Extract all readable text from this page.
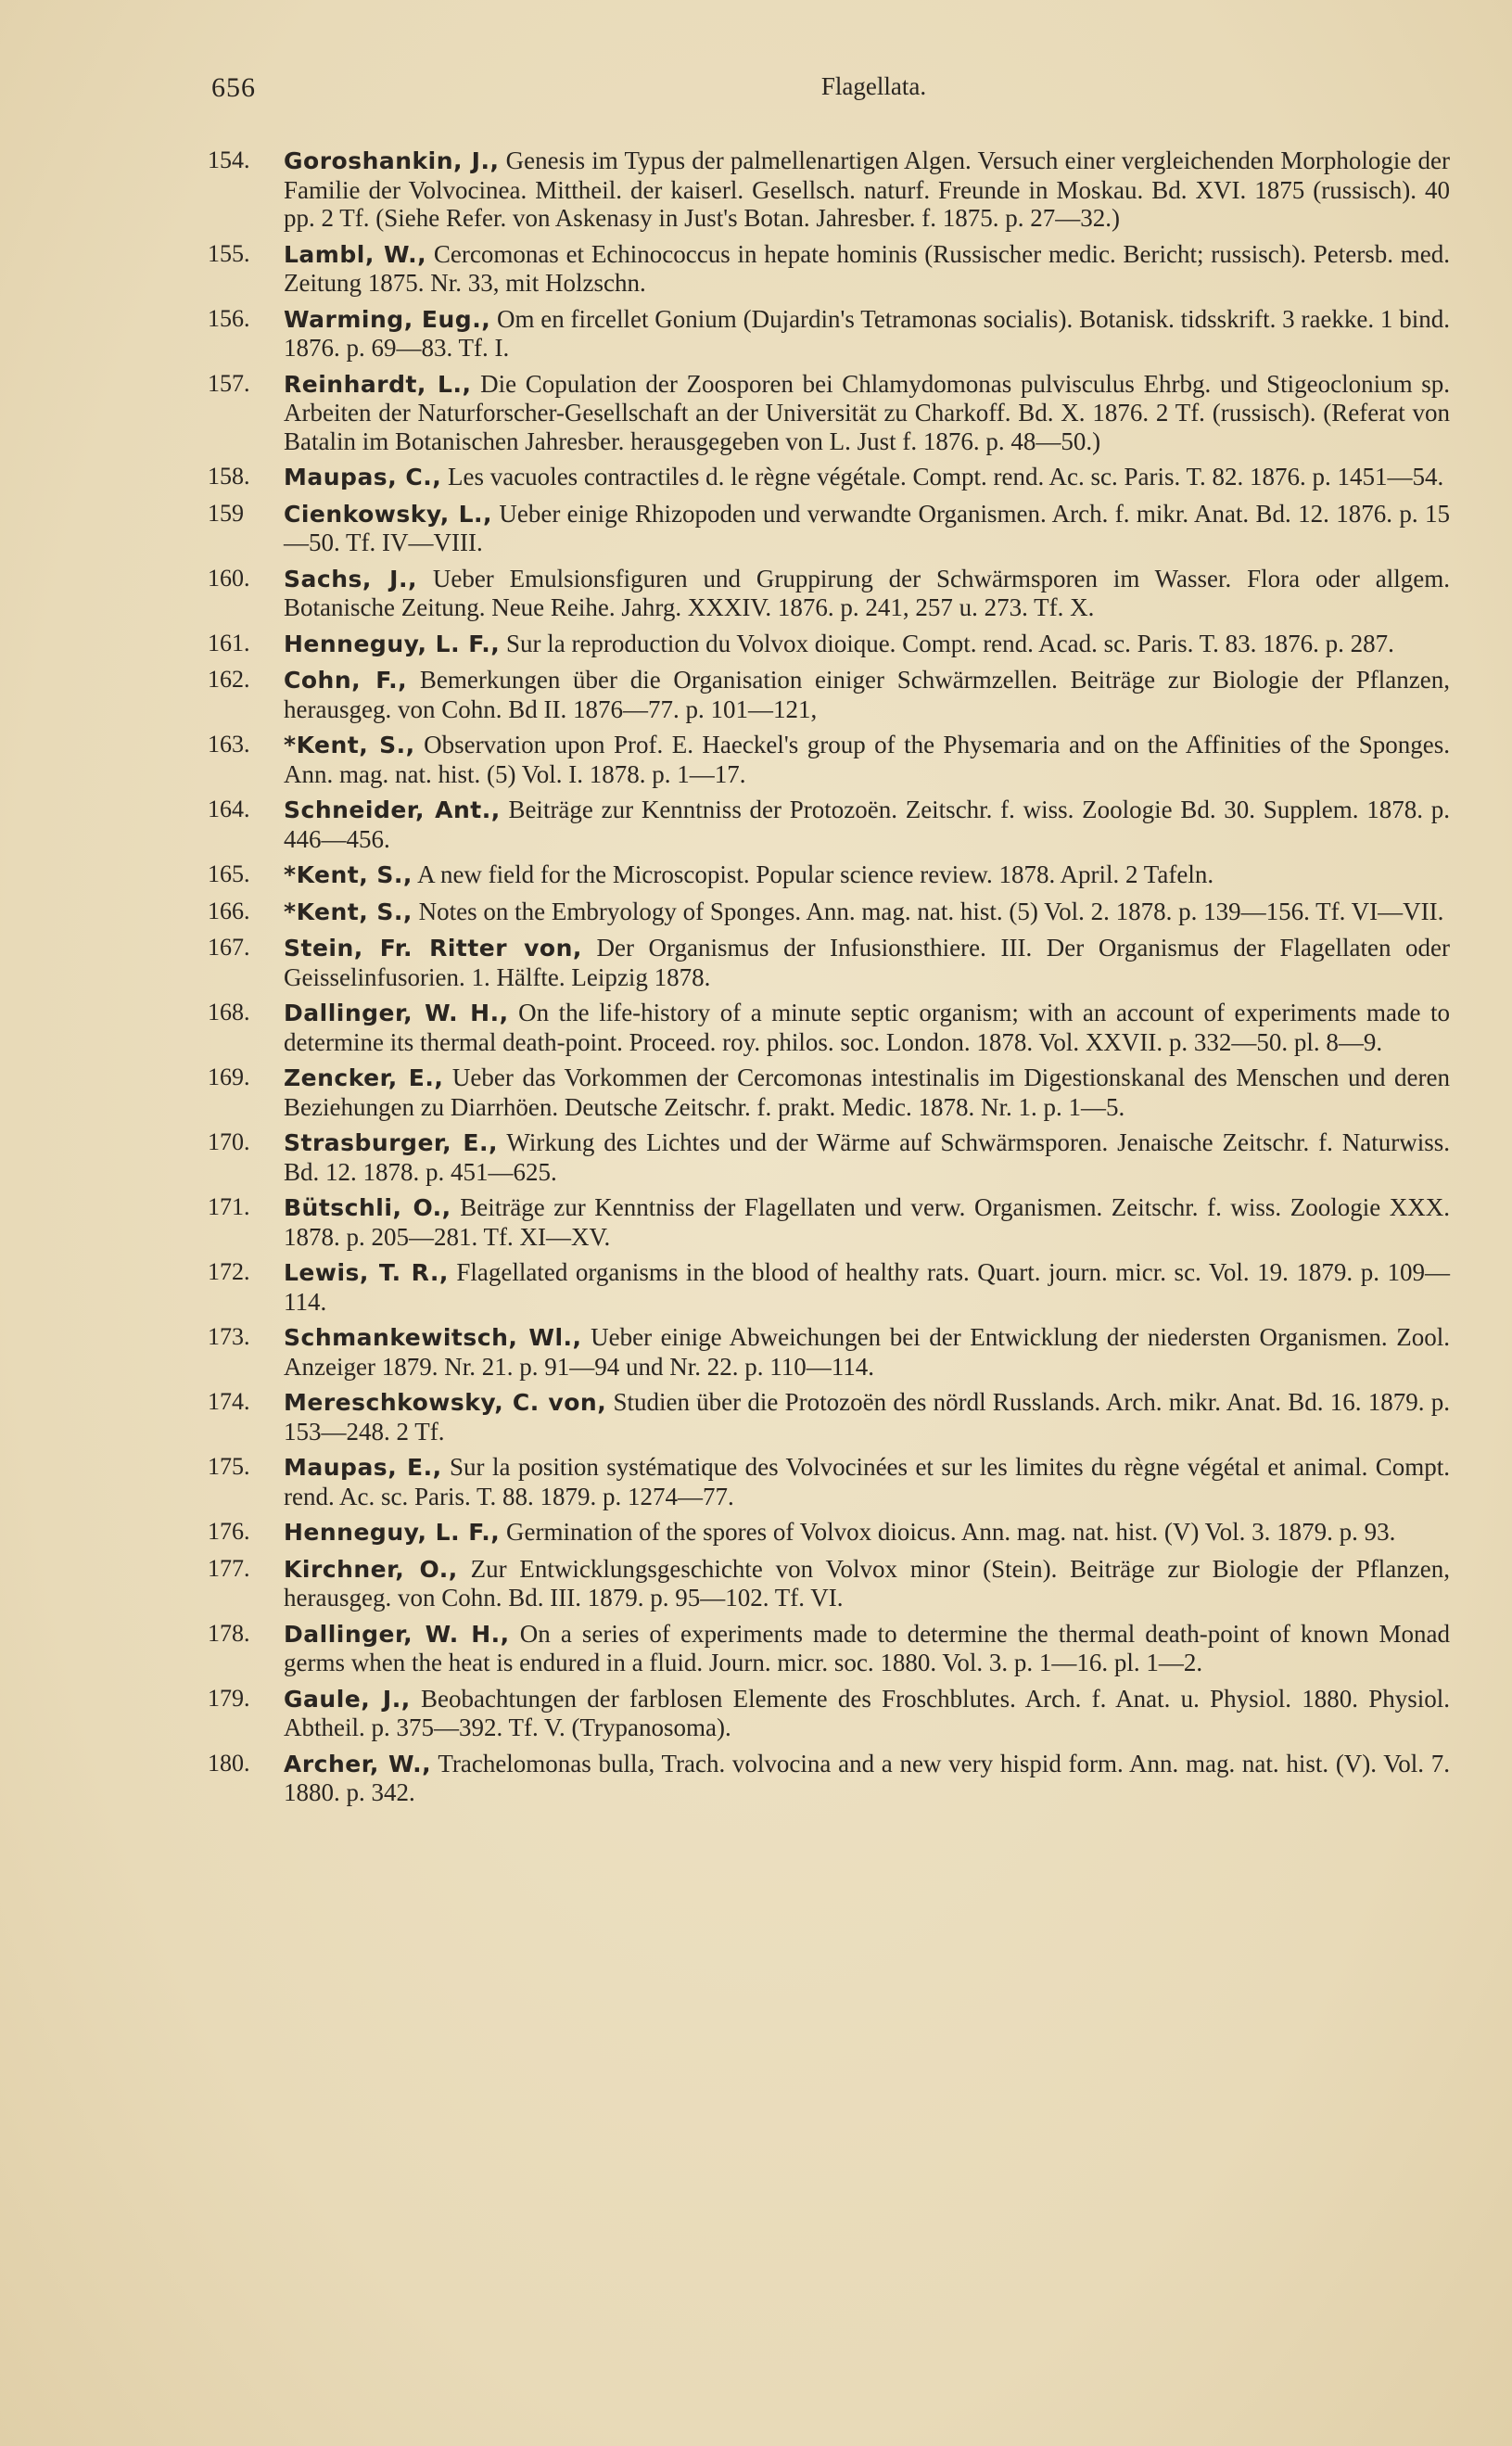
656	Flagellata.
154. Goroshankin, J., Genesis im Typus der palmellenartigen Algen. Versuch einer vergleichenden Morphologie der Familie der Volvocinea. Mittheil. der kaiserl. Gesellsch. naturf. Freunde in Moskau. Bd. XVI. 1875 (russisch). 40 pp. 2 Tf. (Siehe Refer. von Askenasy in Just's Botan. Jahresber. f. 1875. p. 27—32.)
155. Lambl, W., Cercomonas et Echinococcus in hepate hominis (Russischer medic. Bericht; russisch). Petersb. med. Zeitung 1875. Nr. 33, mit Holzschn.
156. Warming, Eug., Om en fircellet Gonium (Dujardin's Tetramonas socialis). Botanisk. tidsskrift. 3 raekke. 1 bind. 1876. p. 69—83. Tf. I.
157. Reinhardt, L., Die Copulation der Zoosporen bei Chlamydomonas pulvisculus Ehrbg. und Stigeoclonium sp. Arbeiten der Naturforscher-Gesellschaft an der Universität zu Charkoff. Bd. X. 1876. 2 Tf. (russisch). (Referat von Batalin im Botanischen Jahresber. herausgegeben von L. Just f. 1876. p. 48—50.)
158. Maupas, C., Les vacuoles contractiles d. le règne végétale. Compt. rend. Ac. sc. Paris. T. 82. 1876. p. 1451—54.
159 Cienkowsky, L., Ueber einige Rhizopoden und verwandte Organismen. Arch. f. mikr. Anat. Bd. 12. 1876. p. 15—50. Tf. IV—VIII.
160. Sachs, J., Ueber Emulsionsfiguren und Gruppirung der Schwärmsporen im Wasser. Flora oder allgem. Botanische Zeitung. Neue Reihe. Jahrg. XXXIV. 1876. p. 241, 257 u. 273. Tf. X.
161. Henneguy, L. F., Sur la reproduction du Volvox dioique. Compt. rend. Acad. sc. Paris. T. 83. 1876. p. 287.
162. Cohn, F., Bemerkungen über die Organisation einiger Schwärmzellen. Beiträge zur Biologie der Pflanzen, herausgeg. von Cohn. Bd II. 1876—77. p. 101—121,
163. *Kent, S., Observation upon Prof. E. Haeckel's group of the Physemaria and on the Affinities of the Sponges. Ann. mag. nat. hist. (5) Vol. I. 1878. p. 1—17.
164. Schneider, Ant., Beiträge zur Kenntniss der Protozoën. Zeitschr. f. wiss. Zoologie Bd. 30. Supplem. 1878. p. 446—456.
165. *Kent, S., A new field for the Microscopist. Popular science review. 1878. April. 2 Tafeln.
166. *Kent, S., Notes on the Embryology of Sponges. Ann. mag. nat. hist. (5) Vol. 2. 1878. p. 139—156. Tf. VI—VII.
167. Stein, Fr. Ritter von, Der Organismus der Infusionsthiere. III. Der Organismus der Flagellaten oder Geisselinfusorien. 1. Hälfte. Leipzig 1878.
168. Dallinger, W. H., On the life-history of a minute septic organism; with an account of experiments made to determine its thermal death-point. Proceed. roy. philos. soc. London. 1878. Vol. XXVII. p. 332—50. pl. 8—9.
169. Zencker, E., Ueber das Vorkommen der Cercomonas intestinalis im Digestionskanal des Menschen und deren Beziehungen zu Diarrhöen. Deutsche Zeitschr. f. prakt. Medic. 1878. Nr. 1. p. 1—5.
170. Strasburger, E., Wirkung des Lichtes und der Wärme auf Schwärmsporen. Jenaische Zeitschr. f. Naturwiss. Bd. 12. 1878. p. 451—625.
171. Bütschli, O., Beiträge zur Kenntniss der Flagellaten und verw. Organismen. Zeitschr. f. wiss. Zoologie XXX. 1878. p. 205—281. Tf. XI—XV.
172. Lewis, T. R., Flagellated organisms in the blood of healthy rats. Quart. journ. micr. sc. Vol. 19. 1879. p. 109—114.
173. Schmankewitsch, Wl., Ueber einige Abweichungen bei der Entwicklung der niedersten Organismen. Zool. Anzeiger 1879. Nr. 21. p. 91—94 und Nr. 22. p. 110—114.
174. Mereschkowsky, C. von, Studien über die Protozoën des nördl Russlands. Arch. mikr. Anat. Bd. 16. 1879. p. 153—248. 2 Tf.
175. Maupas, E., Sur la position systématique des Volvocinées et sur les limites du règne végétal et animal. Compt. rend. Ac. sc. Paris. T. 88. 1879. p. 1274—77.
176. Henneguy, L. F., Germination of the spores of Volvox dioicus. Ann. mag. nat. hist. (V) Vol. 3. 1879. p. 93.
177. Kirchner, O., Zur Entwicklungsgeschichte von Volvox minor (Stein). Beiträge zur Biologie der Pflanzen, herausgeg. von Cohn. Bd. III. 1879. p. 95—102. Tf. VI.
178. Dallinger, W. H., On a series of experiments made to determine the thermal death-point of known Monad germs when the heat is endured in a fluid. Journ. micr. soc. 1880. Vol. 3. p. 1—16. pl. 1—2.
179. Gaule, J., Beobachtungen der farblosen Elemente des Froschblutes. Arch. f. Anat. u. Physiol. 1880. Physiol. Abtheil. p. 375—392. Tf. V. (Trypanosoma).
180. Archer, W., Trachelomonas bulla, Trach. volvocina and a new very hispid form. Ann. mag. nat. hist. (V). Vol. 7. 1880. p. 342.
